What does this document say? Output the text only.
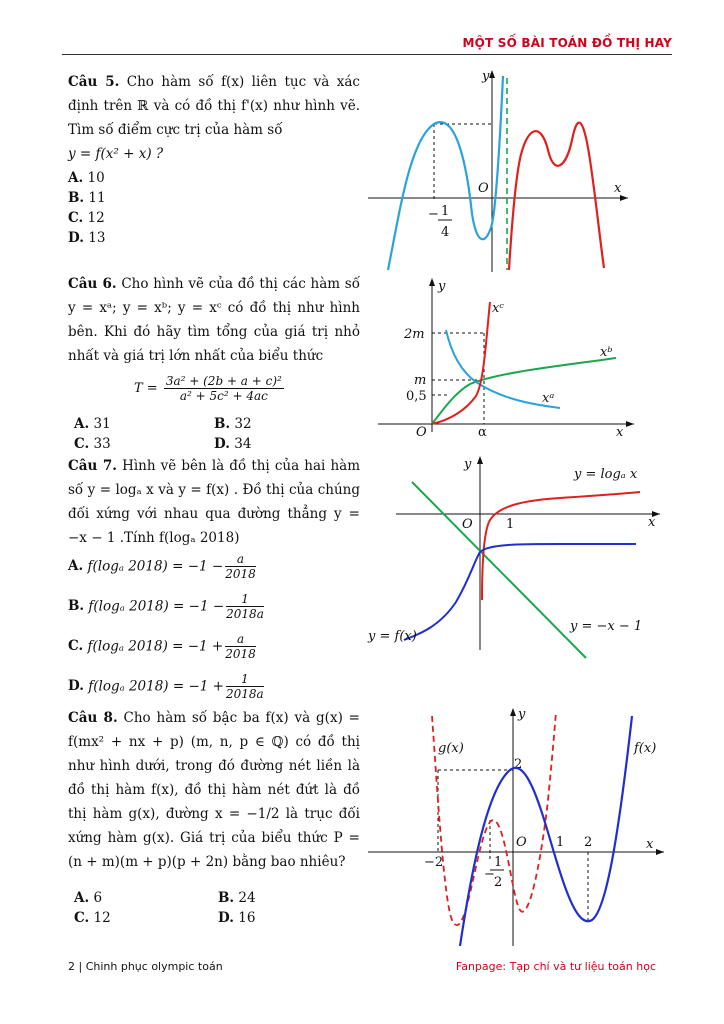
MỘT SỐ BÀI TOÁN ĐỒ THỊ HAY
Câu 5. Cho hàm số f(x) liên tục và xác định trên ℝ và có đồ thị f'(x) như hình vẽ. Tìm số điểm cực trị của hàm số
y = f(x² + x) ?
A. 10
B. 11
C. 12
D. 13
y
x
O
− 1
4
Câu 6. Cho hình vẽ của đồ thị các hàm số y = xᵃ; y = xᵇ; y = xᶜ có đồ thị như hình bên. Khi đó hãy tìm tổng của giá trị nhỏ nhất và giá trị lớn nhất của biểu thức
$T = \frac{\text{3a² + (2b + a + c)²}}{\text{a² + 5c² + 4ac}}$
A. 31	B. 32
C. 33	D. 34
y
x
O
2m
m
0,5
α
xᶜ
xᵇ
xᵃ
Câu 7. Hình vẽ bên là đồ thị của hai hàm số y = logₐ x và y = f(x) . Đồ thị của chúng đối xứng với nhau qua đường thẳng y = −x − 1 .Tính f(logₐ 2018)
A. f(logₐ $2018) = -1 - \frac{a}{2018}$
B. f(logₐ $2018) = -1 - \frac{1}{2018a}$
C. f(logₐ $2018) = -1 + \frac{a}{2018}$
D. f(logₐ $2018) = -1 + \frac{1}{2018a}$
y
x
O	1
y = logₐ x
y = f(x)
y = −x − 1
Câu 8. Cho hàm số bậc ba f(x) và g(x) = f(mx² + nx + p) (m, n, p ∈ ℚ) có đồ thị như hình dưới, trong đó đường nét liền là đồ thị hàm f(x), đồ thị hàm nét đứt là đồ thị hàm g(x), đường x = −1/2 là trục đối xứng hàm g(x). Giá trị của biểu thức P = (n + m)(m + p)(p + 2n) bằng bao nhiêu?
A. 6	B. 24
C. 12	D. 16
y
x
O
2
1 2
−2
−
1
2
g(x)	f(x)
2 | Chinh phục olympic toán	Fanpage: Tạp chí và tư liệu toán học
